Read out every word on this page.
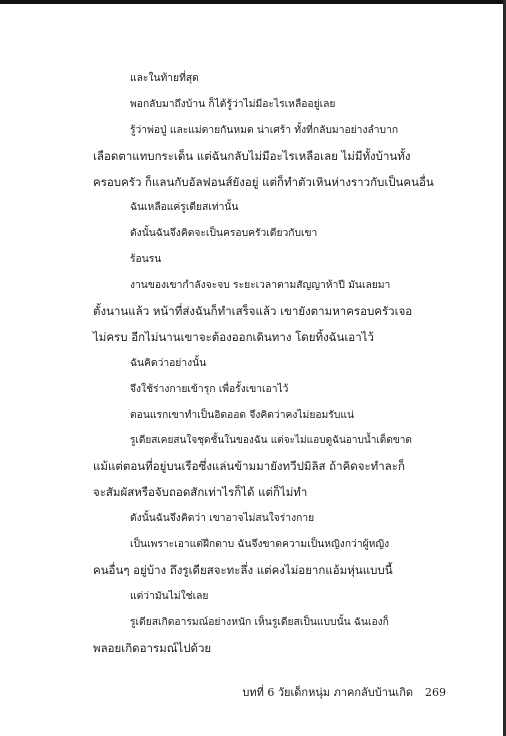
และในท้ายที่สุด
พอกลับมาถึงบ้าน ก็ได้รู้ว่าไม่มีอะไรเหลืออยู่เลย
รู้ว่าพ่อปู่ และแม่ตายกันหมด น่าเศร้า ทั้งที่กลับมาอย่างลำบาก
เลือดตาแทบกระเด็น แต่ฉันกลับไม่มีอะไรเหลือเลย ไม่มีทั้งบ้านทั้ง
ครอบครัว ก็แลนกับอัลฟอนส์ยังอยู่ แต่ก็ทำตัวเหินห่างราวกับเป็นคนอื่น
ฉันเหลือแค่รูเดียสเท่านั้น
ดังนั้นฉันจึงคิดจะเป็นครอบครัวเดียวกับเขา
ร้อนรน
งานของเขากำลังจะจบ ระยะเวลาตามสัญญาห้าปี มันเลยมา
ตั้งนานแล้ว หน้าที่ส่งฉันก็ทำเสร็จแล้ว เขายังตามหาครอบครัวเจอ
ไม่ครบ อีกไม่นานเขาจะต้องออกเดินทาง โดยทิ้งฉันเอาไว้
ฉันคิดว่าอย่างนั้น
จึงใช้ร่างกายเข้ารุก เพื่อรั้งเขาเอาไว้
ตอนแรกเขาทำเป็นอิดออด จึงคิดว่าคงไม่ยอมรับแน่
รูเดียสเคยสนใจชุดชั้นในของฉัน แต่จะไม่แอบดูฉันอาบน้ำเด็ดขาด
แม้แต่ตอนที่อยู่บนเรือซึ่งแล่นข้ามมายังทวีปมิลิส ถ้าคิดจะทำละก็
จะสัมผัสหรือจับถอดสักเท่าไรก็ได้ แต่ก็ไม่ทำ
ดังนั้นฉันจึงคิดว่า เขาอาจไม่สนใจร่างกาย
เป็นเพราะเอาแต่ฝึกดาบ ฉันจึงขาดความเป็นหญิงกว่าผู้หญิง
คนอื่นๆ อยู่บ้าง ถึงรูเดียสจะทะลึ่ง แต่คงไม่อยากแอ้มหุ่นแบบนี้
แต่ว่ามันไม่ใช่เลย
รูเดียสเกิดอารมณ์อย่างหนัก เห็นรูเดียสเป็นแบบนั้น ฉันเองก็
พลอยเกิดอารมณ์ไปด้วย
บทที่ 6 วัยเด็กหนุ่ม ภาคกลับบ้านเกิด 269
